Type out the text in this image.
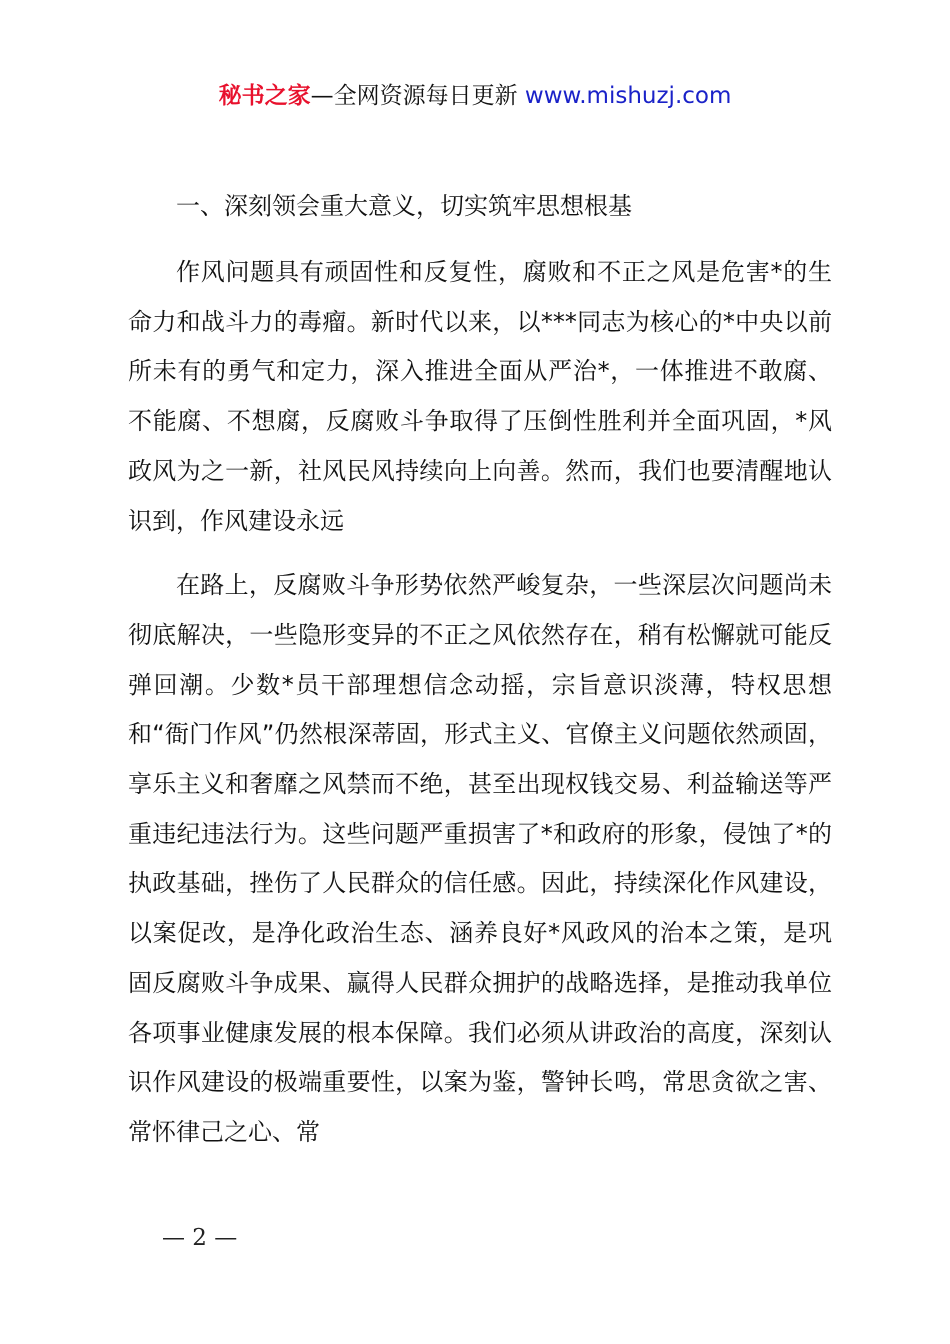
秘书之家—全网资源每日更新 www.mishuzj.com
一、深刻领会重大意义，切实筑牢思想根基

作风问题具有顽固性和反复性，腐败和不正之风是危害*的生命力和战斗力的毒瘤。新时代以来，以***同志为核心的*中央以前所未有的勇气和定力，深入推进全面从严治*，一体推进不敢腐、不能腐、不想腐，反腐败斗争取得了压倒性胜利并全面巩固，*风政风为之一新，社风民风持续向上向善。然而，我们也要清醒地认识到，作风建设永远

在路上，反腐败斗争形势依然严峻复杂，一些深层次问题尚未彻底解决，一些隐形变异的不正之风依然存在，稍有松懈就可能反弹回潮。少数*员干部理想信念动摇，宗旨意识淡薄，特权思想和“衙门作风”仍然根深蒂固，形式主义、官僚主义问题依然顽固，享乐主义和奢靡之风禁而不绝，甚至出现权钱交易、利益输送等严重违纪违法行为。这些问题严重损害了*和政府的形象，侵蚀了*的执政基础，挫伤了人民群众的信任感。因此，持续深化作风建设，以案促改，是净化政治生态、涵养良好*风政风的治本之策，是巩固反腐败斗争成果、赢得人民群众拥护的战略选择，是推动我单位各项事业健康发展的根本保障。我们必须从讲政治的高度，深刻认识作风建设的极端重要性，以案为鉴，警钟长鸣，常思贪欲之害、常怀律己之心、常

— 2 —
